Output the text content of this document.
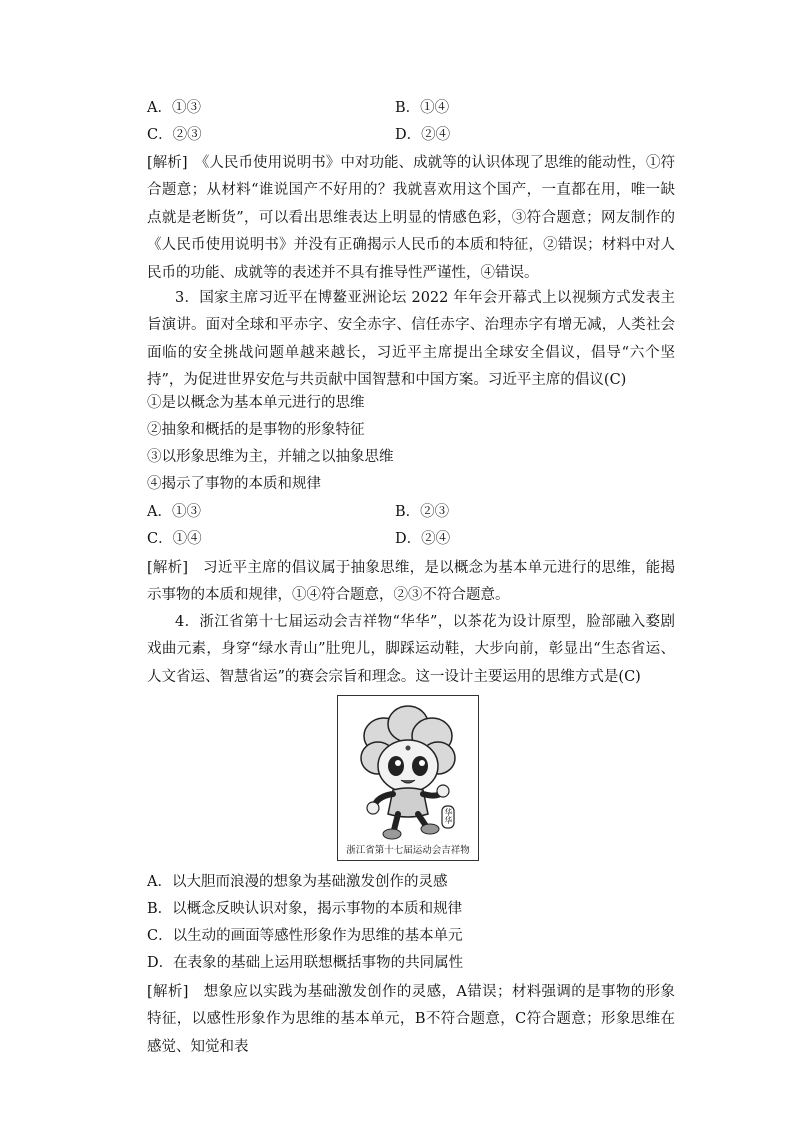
A．①③	B．①④
C．②③	D．②④
[解析]　《人民币使用说明书》中对功能、成就等的认识体现了思维的能动性，①符合题意；从材料“谁说国产不好用的？我就喜欢用这个国产，一直都在用，唯一缺点就是老断货”，可以看出思维表达上明显的情感色彩，③符合题意；网友制作的《人民币使用说明书》并没有正确揭示人民币的本质和特征，②错误；材料中对人民币的功能、成就等的表述并不具有推导性严谨性，④错误。
3．国家主席习近平在博鳌亚洲论坛 2022 年年会开幕式上以视频方式发表主旨演讲。面对全球和平赤字、安全赤字、信任赤字、治理赤字有增无减，人类社会面临的安全挑战问题单越来越长，习近平主席提出全球安全倡议，倡导“六个坚持”，为促进世界安危与共贡献中国智慧和中国方案。习近平主席的倡议(C)
①是以概念为基本单元进行的思维
②抽象和概括的是事物的形象特征
③以形象思维为主，并辅之以抽象思维
④揭示了事物的本质和规律
A．①③	B．②③
C．①④	D．②④
[解析]　习近平主席的倡议属于抽象思维，是以概念为基本单元进行的思维，能揭示事物的本质和规律，①④符合题意，②③不符合题意。
4．浙江省第十七届运动会吉祥物“华华”，以茶花为设计原型，脸部融入婺剧戏曲元素，身穿“绿水青山”肚兜儿，脚踩运动鞋，大步向前，彰显出“生态省运、人文省运、智慧省运”的赛会宗旨和理念。这一设计主要运用的思维方式是(C)
华华
浙江省第十七届运动会吉祥物
A．以大胆而浪漫的想象为基础激发创作的灵感
B．以概念反映认识对象，揭示事物的本质和规律
C．以生动的画面等感性形象作为思维的基本单元
D．在表象的基础上运用联想概括事物的共同属性
[解析]　想象应以实践为基础激发创作的灵感，A错误；材料强调的是事物的形象特征，以感性形象作为思维的基本单元，B不符合题意，C符合题意；形象思维在感觉、知觉和表
